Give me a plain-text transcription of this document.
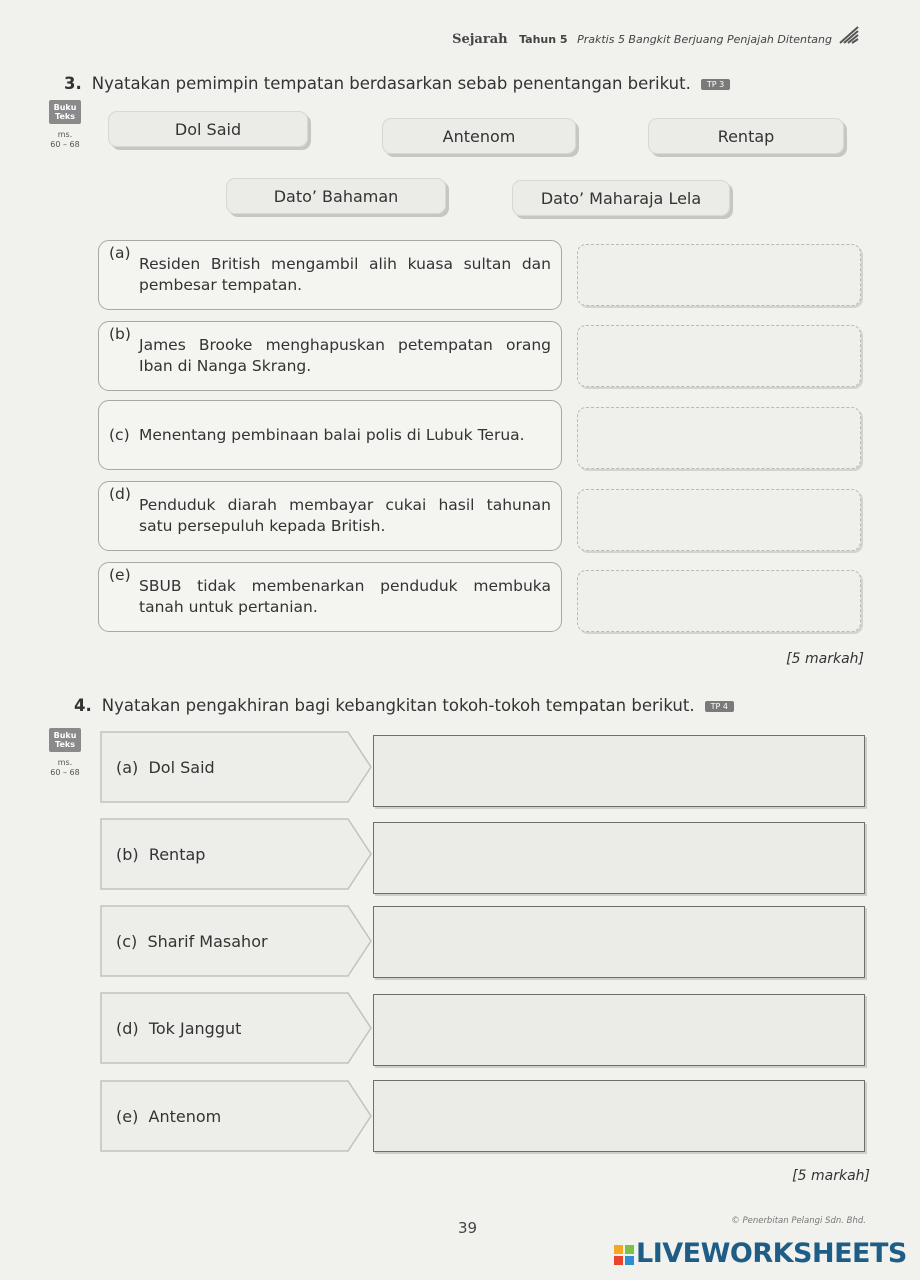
Sejarah Tahun 5 Praktis 5 Bangkit Berjuang Penjajah Ditentang
3. Nyatakan pemimpin tempatan berdasarkan sebab penentangan berikut. TP 3
Buku Teks
ms.
60 – 68
Dol Said	Antenom	Rentap
Dato’ Bahaman	Dato’ Maharaja Lela
(a)
Residen British mengambil alih kuasa sultan dan pembesar tempatan.
(b)
James Brooke menghapuskan petempatan orang Iban di Nanga Skrang.
(c) Menentang pembinaan balai polis di Lubuk Terua.
(d)
Penduduk diarah membayar cukai hasil tahunan satu persepuluh kepada British.
(e)
SBUB tidak membenarkan penduduk membuka tanah untuk pertanian.
[5 markah]
4. Nyatakan pengakhiran bagi kebangkitan tokoh-tokoh tempatan berikut. TP 4
Buku Teks
ms.
60 – 68	(a)
Dol Said
(b)
Rentap
(c)
Sharif Masahor
(d)
Tok Janggut
(e)
Antenom
[5 markah]
39	© Penerbitan Pelangi Sdn. Bhd.
LIVEWORKSHEETS
